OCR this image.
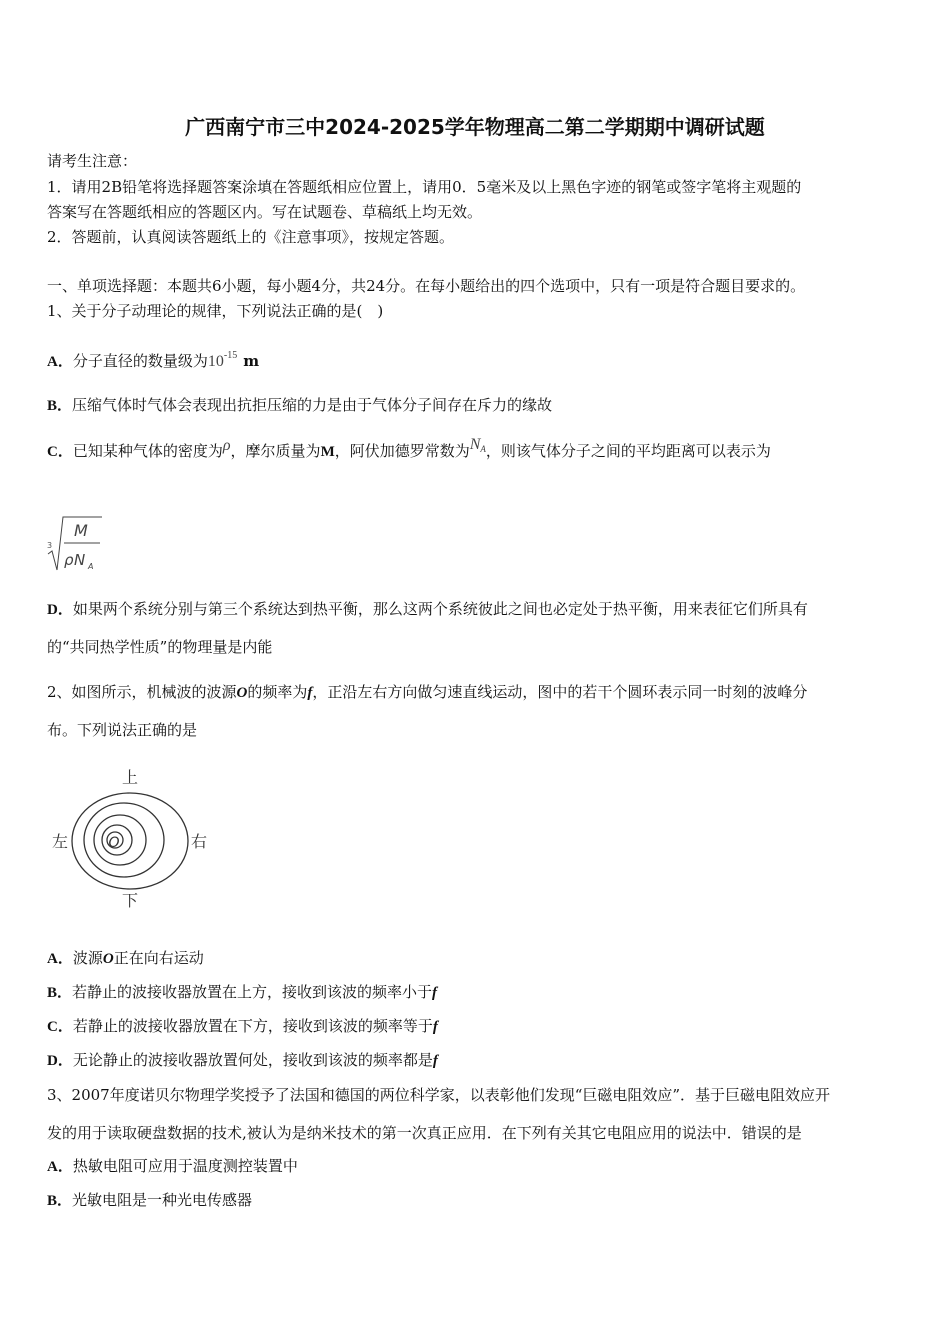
广西南宁市三中2024-2025学年物理高二第二学期期中调研试题
请考生注意：
1．请用2B铅笔将选择题答案涂填在答题纸相应位置上，请用0．5毫米及以上黑色字迹的钢笔或签字笔将主观题的
答案写在答题纸相应的答题区内。写在试题卷、草稿纸上均无效。
2．答题前，认真阅读答题纸上的《注意事项》，按规定答题。
一、单项选择题：本题共6小题，每小题4分，共24分。在每小题给出的四个选项中，只有一项是符合题目要求的。
1、关于分子动理论的规律，下列说法正确的是(　)
A．分子直径的数量级为$10^{-15}$ m
B．压缩气体时气体会表现出抗拒压缩的力是由于气体分子间存在斥力的缘故
C．已知某种气体的密度为ρ，摩尔质量为M，阿伏加德罗常数为$N_A$，则该气体分子之间的平均距离可以表示为
3
M
ρ N A
D．如果两个系统分别与第三个系统达到热平衡，那么这两个系统彼此之间也必定处于热平衡，用来表征它们所具有
的“共同热学性质”的物理量是内能
2、如图所示，机械波的波源O的频率为f，正沿左右方向做匀速直线运动，图中的若干个圆环表示同一时刻的波峰分
布。下列说法正确的是
上
下
左	右
O
A．波源O正在向右运动
B．若静止的波接收器放置在上方，接收到该波的频率小于f
C．若静止的波接收器放置在下方，接收到该波的频率等于f
D．无论静止的波接收器放置何处，接收到该波的频率都是f
3、2007年度诺贝尔物理学奖授予了法国和德国的两位科学家，以表彰他们发现“巨磁电阻效应”．基于巨磁电阻效应开
发的用于读取硬盘数据的技术,被认为是纳米技术的第一次真正应用．在下列有关其它电阻应用的说法中．错误的是
A．热敏电阻可应用于温度测控装置中
B．光敏电阻是一种光电传感器
